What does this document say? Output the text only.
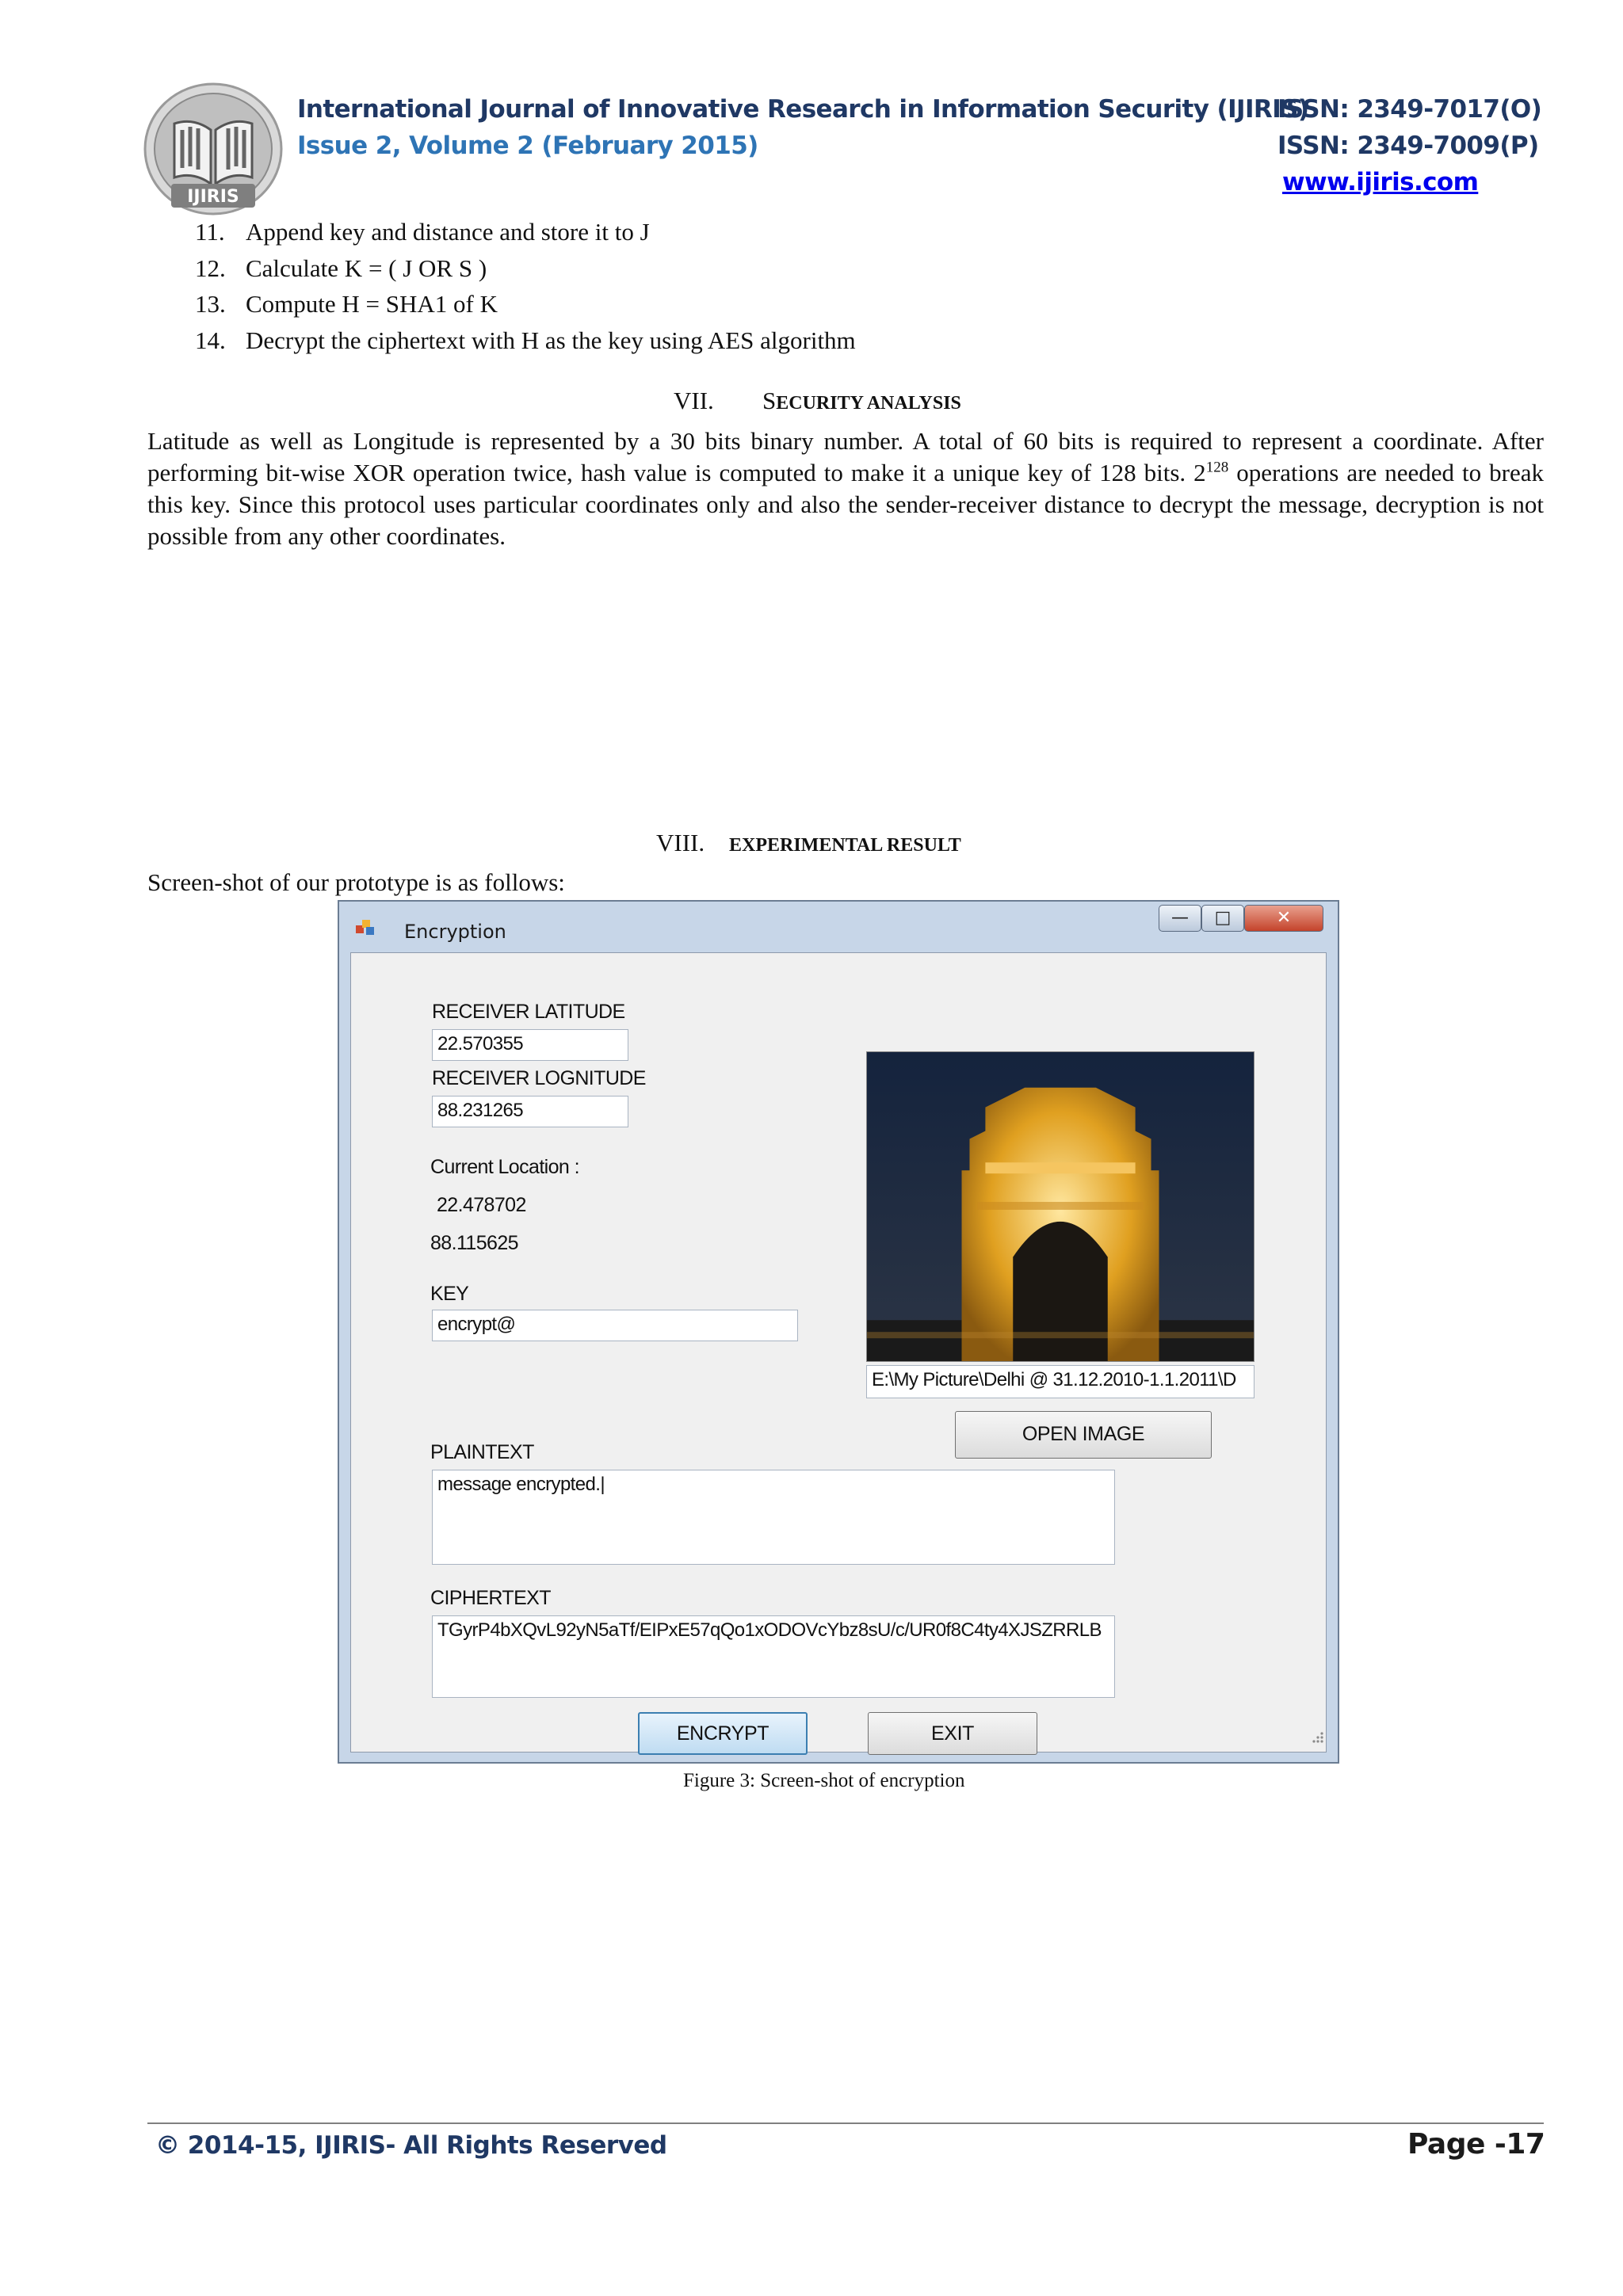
IJIRIS
International Journal of Innovative Research in Information Security (IJIRIS)
Issue 2, Volume 2 (February 2015)
ISSN: 2349-7017(O)
ISSN: 2349-7009(P)
www.ijiris.com
11. Append key and distance and store it to J
12. Calculate K = ( J OR S )
13. Compute H = SHA1 of K
14. Decrypt the ciphertext with H as the key using AES algorithm
VII. SECURITY ANALYSIS

Latitude as well as Longitude is represented by a 30 bits binary number. A total of 60 bits is required to represent a coordinate. After performing bit-wise XOR operation twice, hash value is computed to make it a unique key of 128 bits. $2^{128}$ operations are needed to break this key. Since this protocol uses particular coordinates only and also the sender-receiver distance to decrypt the message, decryption is not possible from any other coordinates.

VIII. EXPERIMENTAL RESULT
Screen-shot of our prototype is as follows:
Encryption
—	□	✕
RECEIVER LATITUDE
22.570355
RECEIVER LOGNITUDE
88.231265
Current Location :
22.478702
88.115625
KEY
encrypt@
E:\My Picture\Delhi @ 31.12.2010-1.1.2011\D
OPEN IMAGE
PLAINTEXT
message encrypted.|
CIPHERTEXT
TGyrP4bXQvL92yN5aTf/EIPxE57qQo1xODOVcYbz8sU/c/UR0f8C4ty4XJSZRRLB
ENCRYPT	EXIT
Figure 3: Screen-shot of encryption
© 2014-15, IJIRIS- All Rights Reserved	Page -17
